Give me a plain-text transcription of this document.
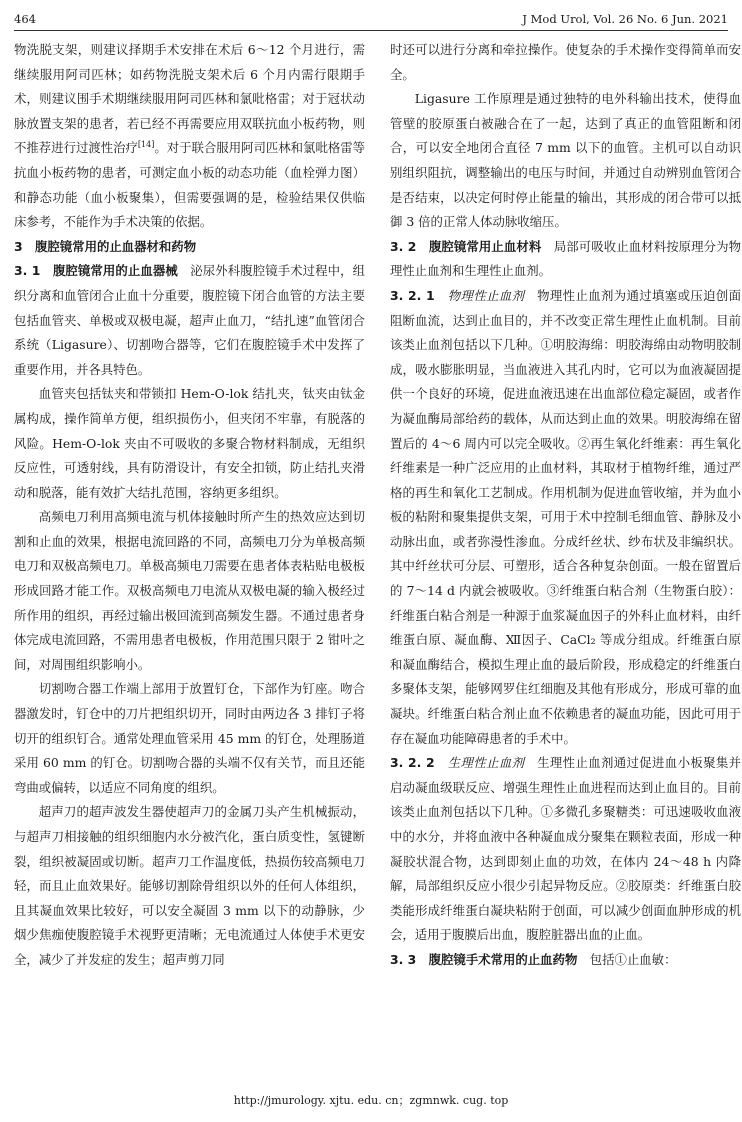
464	J Mod Urol, Vol. 26 No. 6 Jun. 2021

物洗脱支架，则建议择期手术安排在术后 6～12 个月进行，需继续服用阿司匹林；如药物洗脱支架术后 6 个月内需行限期手术，则建议围手术期继续服用阿司匹林和氯吡格雷；对于冠状动脉放置支架的患者，若已经不再需要应用双联抗血小板药物，则不推荐进行过渡性治疗[14]。对于联合服用阿司匹林和氯吡格雷等抗血小板药物的患者，可测定血小板的动态功能（血栓弹力图）和静态功能（血小板聚集），但需要强调的是，检验结果仅供临床参考，不能作为手术决策的依据。

3　腹腔镜常用的止血器材和药物

3. 1　腹腔镜常用的止血器械　泌尿外科腹腔镜手术过程中，组织分离和血管闭合止血十分重要，腹腔镜下闭合血管的方法主要包括血管夹、单极或双极电凝，超声止血刀，“结扎速”血管闭合系统（Ligasure）、切割吻合器等，它们在腹腔镜手术中发挥了重要作用，并各具特色。

血管夹包括钛夹和带锁扣 Hem-O-lok 结扎夹，钛夹由钛金属构成，操作简单方便，组织损伤小，但夹闭不牢靠，有脱落的风险。Hem-O-lok 夹由不可吸收的多聚合物材料制成，无组织反应性，可透射线，具有防滑设计，有安全扣锁，防止结扎夹滑动和脱落，能有效扩大结扎范围，容纳更多组织。

高频电刀利用高频电流与机体接触时所产生的热效应达到切割和止血的效果，根据电流回路的不同，高频电刀分为单极高频电刀和双极高频电刀。单极高频电刀需要在患者体表粘贴电极板形成回路才能工作。双极高频电刀电流从双极电凝的输入极经过所作用的组织，再经过输出极回流到高频发生器。不通过患者身体完成电流回路，不需用患者电极板，作用范围只限于 2 钳叶之间，对周围组织影响小。

切割吻合器工作端上部用于放置钉仓，下部作为钉座。吻合器激发时，钉仓中的刀片把组织切开，同时由两边各 3 排钉子将切开的组织钉合。通常处理血管采用 45 mm 的钉仓，处理肠道采用 60 mm 的钉仓。切割吻合器的头端不仅有关节，而且还能弯曲或偏转，以适应不同角度的组织。

超声刀的超声波发生器使超声刀的金属刀头产生机械振动，与超声刀相接触的组织细胞内水分被汽化，蛋白质变性，氢键断裂，组织被凝固或切断。超声刀工作温度低，热损伤较高频电刀轻，而且止血效果好。能够切割除骨组织以外的任何人体组织，且其凝血效果比较好，可以安全凝固 3 mm 以下的动静脉，少烟少焦痂使腹腔镜手术视野更清晰；无电流通过人体使手术更安全，减少了并发症的发生；超声剪刀同

时还可以进行分离和牵拉操作。使复杂的手术操作变得简单而安全。

Ligasure 工作原理是通过独特的电外科输出技术，使得血管壁的胶原蛋白被融合在了一起，达到了真正的血管阻断和闭合，可以安全地闭合直径 7 mm 以下的血管。主机可以自动识别组织阻抗，调整输出的电压与时间，并通过自动辨别血管闭合是否结束，以决定何时停止能量的输出，其形成的闭合带可以抵御 3 倍的正常人体动脉收缩压。

3. 2　腹腔镜常用止血材料　局部可吸收止血材料按原理分为物理性止血剂和生理性止血剂。

3. 2. 1　物理性止血剂　物理性止血剂为通过填塞或压迫创面阻断血流，达到止血目的，并不改变正常生理性止血机制。目前该类止血剂包括以下几种。①明胶海绵：明胶海绵由动物明胶制成，吸水膨胀明显，当血液进入其孔内时，它可以为血液凝固提供一个良好的环境，促进血液迅速在出血部位稳定凝固，或者作为凝血酶局部给药的载体，从而达到止血的效果。明胶海绵在留置后的 4～6 周内可以完全吸收。②再生氧化纤维素：再生氧化纤维素是一种广泛应用的止血材料，其取材于植物纤维，通过严格的再生和氧化工艺制成。作用机制为促进血管收缩，并为血小板的粘附和聚集提供支架，可用于术中控制毛细血管、静脉及小动脉出血，或者弥漫性渗血。分成纤丝状、纱布状及非编织状。其中纤丝状可分层、可塑形，适合各种复杂创面。一般在留置后的 7～14 d 内就会被吸收。③纤维蛋白粘合剂（生物蛋白胶）：纤维蛋白粘合剂是一种源于血浆凝血因子的外科止血材料，由纤维蛋白原、凝血酶、Ⅻ因子、CaCl₂ 等成分组成。纤维蛋白原和凝血酶结合，模拟生理止血的最后阶段，形成稳定的纤维蛋白多聚体支架，能够网罗住红细胞及其他有形成分，形成可靠的血凝块。纤维蛋白粘合剂止血不依赖患者的凝血功能，因此可用于存在凝血功能障碍患者的手术中。

3. 2. 2　生理性止血剂　生理性止血剂通过促进血小板聚集并启动凝血级联反应、增强生理性止血进程而达到止血目的。目前该类止血剂包括以下几种。①多微孔多聚糖类：可迅速吸收血液中的水分，并将血液中各种凝血成分聚集在颗粒表面，形成一种凝胶状混合物，达到即刻止血的功效，在体内 24～48 h 内降解，局部组织反应小很少引起异物反应。②胶原类：纤维蛋白胶类能形成纤维蛋白凝块粘附于创面，可以减少创面血肿形成的机会，适用于腹膜后出血，腹腔脏器出血的止血。

3. 3　腹腔镜手术常用的止血药物　包括①止血敏：

http://jmurology. xjtu. edu. cn；zgmnwk. cug. top
